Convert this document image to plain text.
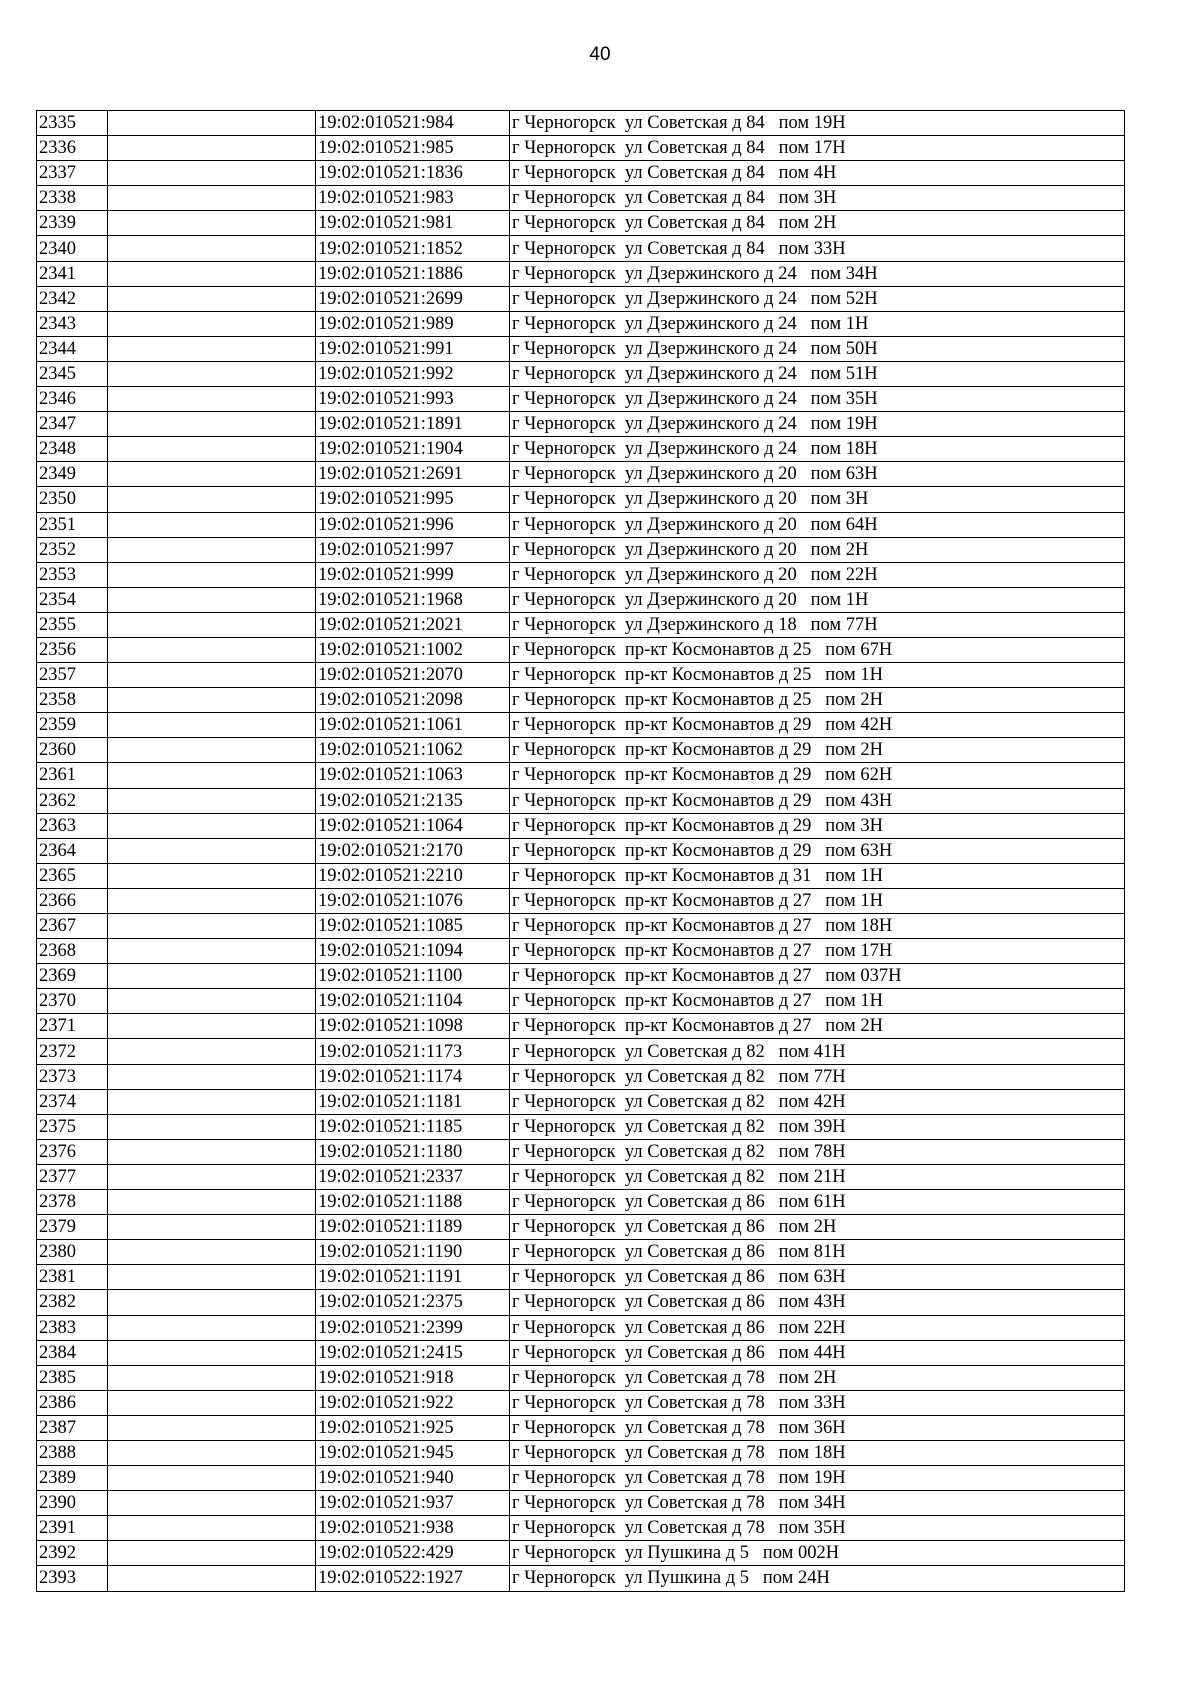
40
2335		19:02:010521:984	г Черногорск  ул Советская д 84   пом 19Н
2336		19:02:010521:985	г Черногорск  ул Советская д 84   пом 17Н
2337		19:02:010521:1836	г Черногорск  ул Советская д 84   пом 4Н
2338		19:02:010521:983	г Черногорск  ул Советская д 84   пом 3Н
2339		19:02:010521:981	г Черногорск  ул Советская д 84   пом 2Н
2340		19:02:010521:1852	г Черногорск  ул Советская д 84   пом 33Н
2341		19:02:010521:1886	г Черногорск  ул Дзержинского д 24   пом 34Н
2342		19:02:010521:2699	г Черногорск  ул Дзержинского д 24   пом 52Н
2343		19:02:010521:989	г Черногорск  ул Дзержинского д 24   пом 1Н
2344		19:02:010521:991	г Черногорск  ул Дзержинского д 24   пом 50Н
2345		19:02:010521:992	г Черногорск  ул Дзержинского д 24   пом 51Н
2346		19:02:010521:993	г Черногорск  ул Дзержинского д 24   пом 35Н
2347		19:02:010521:1891	г Черногорск  ул Дзержинского д 24   пом 19Н
2348		19:02:010521:1904	г Черногорск  ул Дзержинского д 24   пом 18Н
2349		19:02:010521:2691	г Черногорск  ул Дзержинского д 20   пом 63Н
2350		19:02:010521:995	г Черногорск  ул Дзержинского д 20   пом 3Н
2351		19:02:010521:996	г Черногорск  ул Дзержинского д 20   пом 64Н
2352		19:02:010521:997	г Черногорск  ул Дзержинского д 20   пом 2Н
2353		19:02:010521:999	г Черногорск  ул Дзержинского д 20   пом 22Н
2354		19:02:010521:1968	г Черногорск  ул Дзержинского д 20   пом 1Н
2355		19:02:010521:2021	г Черногорск  ул Дзержинского д 18   пом 77Н
2356		19:02:010521:1002	г Черногорск  пр-кт Космонавтов д 25   пом 67Н
2357		19:02:010521:2070	г Черногорск  пр-кт Космонавтов д 25   пом 1Н
2358		19:02:010521:2098	г Черногорск  пр-кт Космонавтов д 25   пом 2Н
2359		19:02:010521:1061	г Черногорск  пр-кт Космонавтов д 29   пом 42Н
2360		19:02:010521:1062	г Черногорск  пр-кт Космонавтов д 29   пом 2Н
2361		19:02:010521:1063	г Черногорск  пр-кт Космонавтов д 29   пом 62Н
2362		19:02:010521:2135	г Черногорск  пр-кт Космонавтов д 29   пом 43Н
2363		19:02:010521:1064	г Черногорск  пр-кт Космонавтов д 29   пом 3Н
2364		19:02:010521:2170	г Черногорск  пр-кт Космонавтов д 29   пом 63Н
2365		19:02:010521:2210	г Черногорск  пр-кт Космонавтов д 31   пом 1Н
2366		19:02:010521:1076	г Черногорск  пр-кт Космонавтов д 27   пом 1Н
2367		19:02:010521:1085	г Черногорск  пр-кт Космонавтов д 27   пом 18Н
2368		19:02:010521:1094	г Черногорск  пр-кт Космонавтов д 27   пом 17Н
2369		19:02:010521:1100	г Черногорск  пр-кт Космонавтов д 27   пом 037Н
2370		19:02:010521:1104	г Черногорск  пр-кт Космонавтов д 27   пом 1Н
2371		19:02:010521:1098	г Черногорск  пр-кт Космонавтов д 27   пом 2Н
2372		19:02:010521:1173	г Черногорск  ул Советская д 82   пом 41Н
2373		19:02:010521:1174	г Черногорск  ул Советская д 82   пом 77Н
2374		19:02:010521:1181	г Черногорск  ул Советская д 82   пом 42Н
2375		19:02:010521:1185	г Черногорск  ул Советская д 82   пом 39Н
2376		19:02:010521:1180	г Черногорск  ул Советская д 82   пом 78Н
2377		19:02:010521:2337	г Черногорск  ул Советская д 82   пом 21Н
2378		19:02:010521:1188	г Черногорск  ул Советская д 86   пом 61Н
2379		19:02:010521:1189	г Черногорск  ул Советская д 86   пом 2Н
2380		19:02:010521:1190	г Черногорск  ул Советская д 86   пом 81Н
2381		19:02:010521:1191	г Черногорск  ул Советская д 86   пом 63Н
2382		19:02:010521:2375	г Черногорск  ул Советская д 86   пом 43Н
2383		19:02:010521:2399	г Черногорск  ул Советская д 86   пом 22Н
2384		19:02:010521:2415	г Черногорск  ул Советская д 86   пом 44Н
2385		19:02:010521:918	г Черногорск  ул Советская д 78   пом 2Н
2386		19:02:010521:922	г Черногорск  ул Советская д 78   пом 33Н
2387		19:02:010521:925	г Черногорск  ул Советская д 78   пом 36Н
2388		19:02:010521:945	г Черногорск  ул Советская д 78   пом 18Н
2389		19:02:010521:940	г Черногорск  ул Советская д 78   пом 19Н
2390		19:02:010521:937	г Черногорск  ул Советская д 78   пом 34Н
2391		19:02:010521:938	г Черногорск  ул Советская д 78   пом 35Н
2392		19:02:010522:429	г Черногорск  ул Пушкина д 5   пом 002Н
2393		19:02:010522:1927	г Черногорск  ул Пушкина д 5   пом 24Н
